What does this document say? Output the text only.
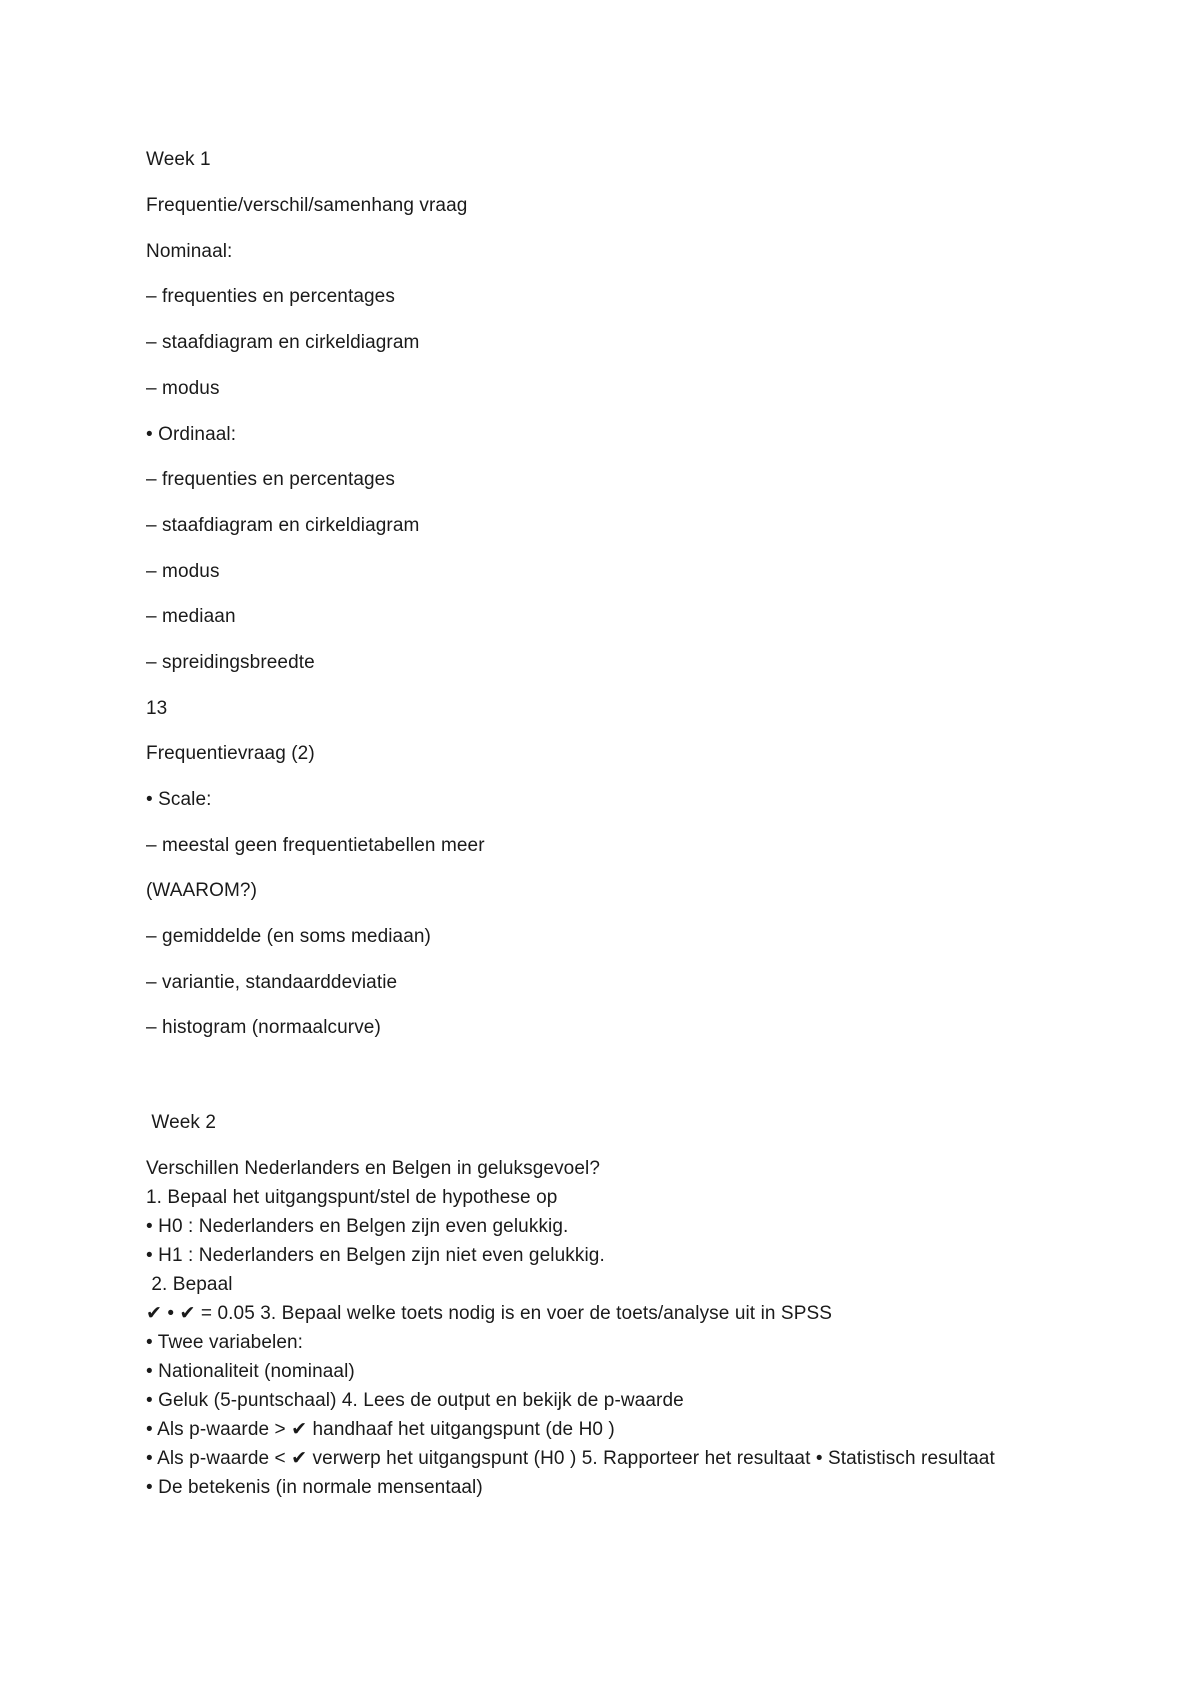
Week 1
Frequentie/verschil/samenhang vraag
Nominaal:
– frequenties en percentages
– staafdiagram en cirkeldiagram
– modus
• Ordinaal:
– frequenties en percentages
– staafdiagram en cirkeldiagram
– modus
– mediaan
– spreidingsbreedte
13
Frequentievraag (2)
• Scale:
– meestal geen frequentietabellen meer
(WAAROM?)
– gemiddelde (en soms mediaan)
– variantie, standaarddeviatie
– histogram (normaalcurve)
Week 2
Verschillen Nederlanders en Belgen in geluksgevoel?
1. Bepaal het uitgangspunt/stel de hypothese op
• H0 : Nederlanders en Belgen zijn even gelukkig.
• H1 : Nederlanders en Belgen zijn niet even gelukkig.
2. Bepaal
✔ • ✔ = 0.05 3. Bepaal welke toets nodig is en voer de toets/analyse uit in SPSS
• Twee variabelen:
• Nationaliteit (nominaal)
• Geluk (5-puntschaal) 4. Lees de output en bekijk de p-waarde
• Als p-waarde > ✔ handhaaf het uitgangspunt (de H0 )
• Als p-waarde < ✔ verwerp het uitgangspunt (H0 ) 5. Rapporteer het resultaat • Statistisch resultaat
• De betekenis (in normale mensentaal)
